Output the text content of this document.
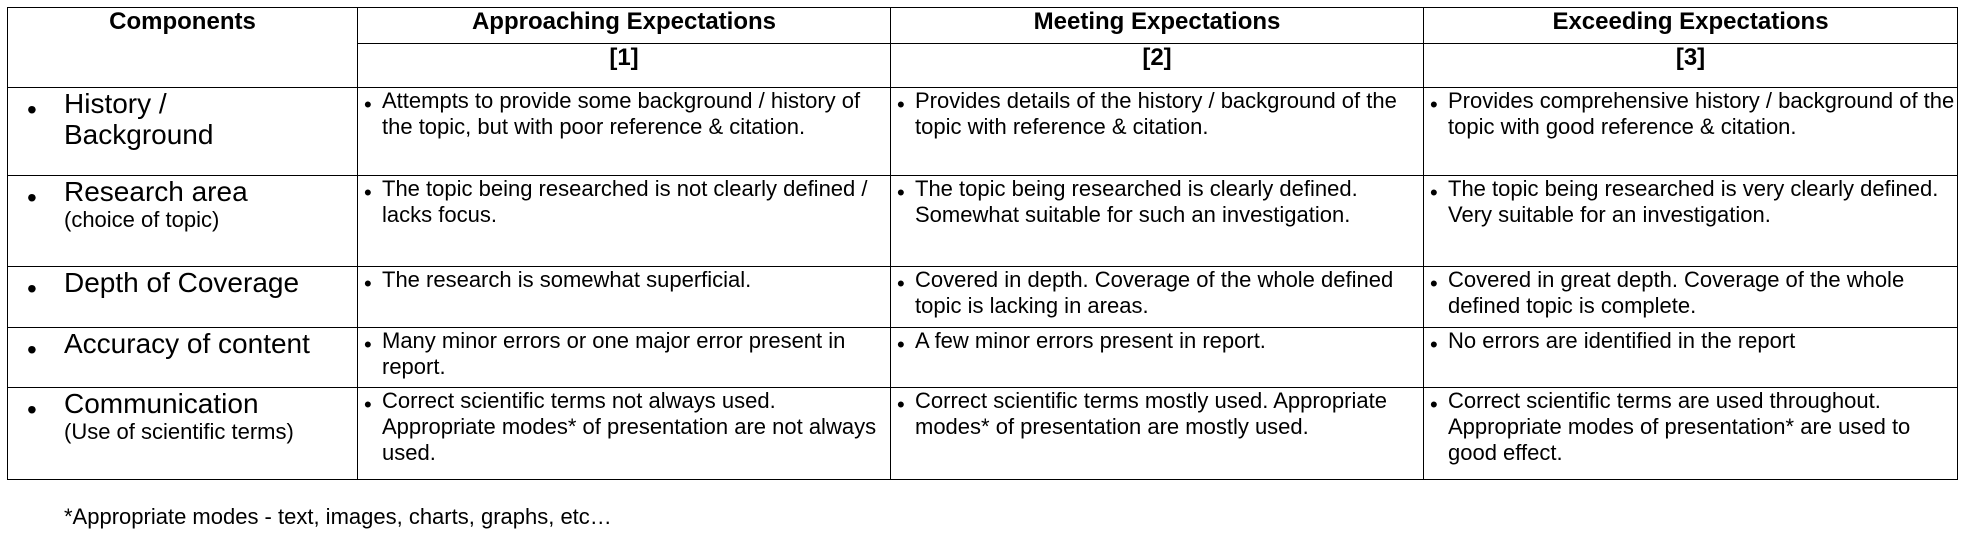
Components	Approaching Expectations	Meeting Expectations	Exceeding Expectations
	[1]	[2]	[3]

• History /
Background	• Attempts to provide some background / history of the topic, but with poor reference & citation.	• Provides details of the history / background of the topic with reference & citation.	• Provides comprehensive history / background of the topic with good reference & citation.

• Research area
(choice of topic)	• The topic being researched is not clearly defined / lacks focus.	• The topic being researched is clearly defined. Somewhat suitable for such an investigation.	• The topic being researched is very clearly defined. Very suitable for an investigation.

• Depth of Coverage	• The research is somewhat superficial.	• Covered in depth. Coverage of the whole defined topic is lacking in areas.	• Covered in great depth. Coverage of the whole defined topic is complete.

• Accuracy of content	• Many minor errors or one major error present in report.	• A few minor errors present in report.	• No errors are identified in the report

• Communication
(Use of scientific terms)	• Correct scientific terms not always used. Appropriate modes* of presentation are not always used.	• Correct scientific terms mostly used. Appropriate modes* of presentation are mostly used.	• Correct scientific terms are used throughout. Appropriate modes of presentation* are used to good effect.
*Appropriate modes - text, images, charts, graphs, etc…
